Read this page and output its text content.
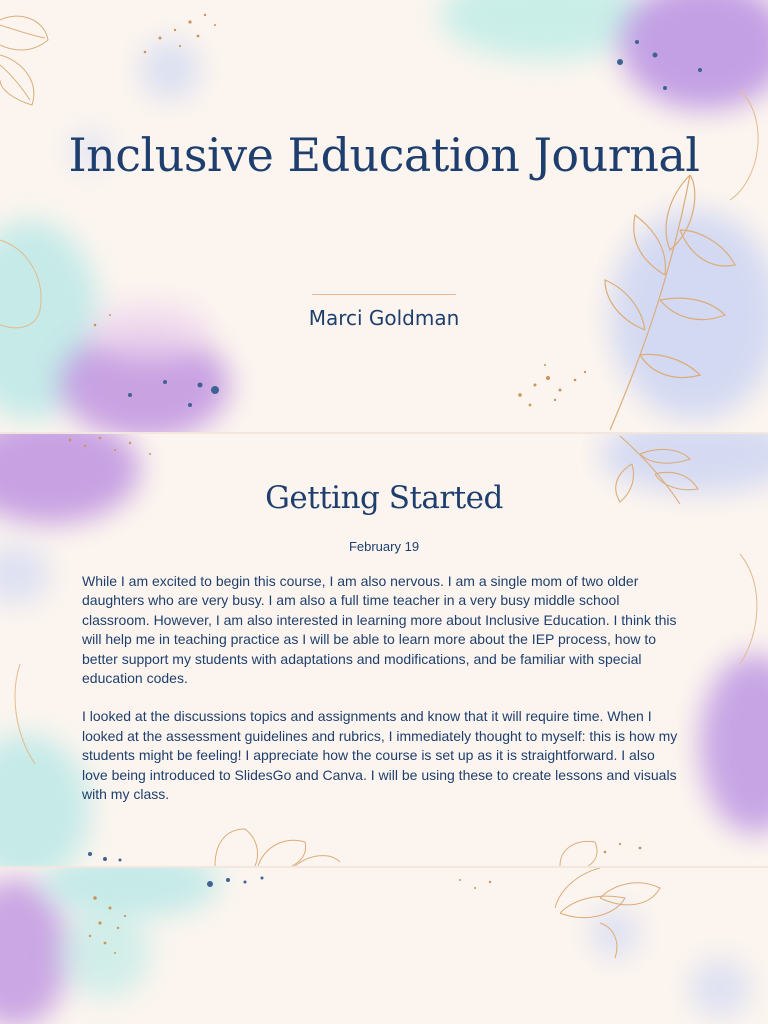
Inclusive Education Journal
Marci Goldman
Getting Started
February 19

While I am excited to begin this course, I am also nervous. I am a single mom of two older daughters who are very busy. I am also a full time teacher in a very busy middle school classroom. However, I am also interested in learning more about Inclusive Education. I think this will help me in teaching practice as I will be able to learn more about the IEP process, how to better support my students with adaptations and modifications, and be familiar with special education codes.

I looked at the discussions topics and assignments and know that it will require time. When I looked at the assessment guidelines and rubrics, I immediately thought to myself: this is how my students might be feeling! I appreciate how the course is set up as it is straightforward. I also love being introduced to SlidesGo and Canva. I will be using these to create lessons and visuals with my class.
